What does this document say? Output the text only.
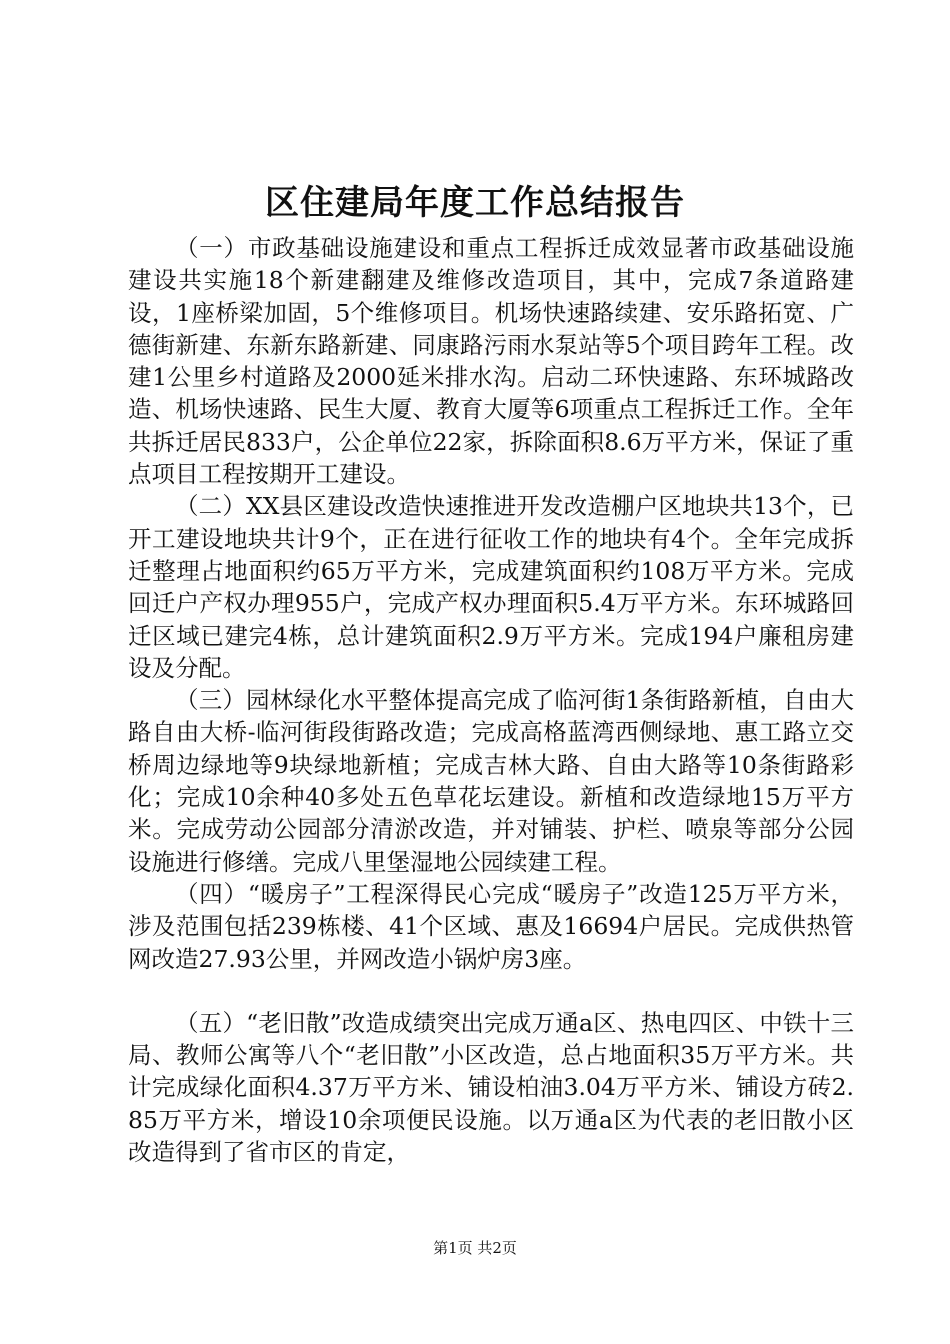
区住建局年度工作总结报告

（一）市政基础设施建设和重点工程拆迁成效显著市政基础设施建设共实施18个新建翻建及维修改造项目，其中，完成7条道路建设，1座桥梁加固，5个维修项目。机场快速路续建、安乐路拓宽、广德街新建、东新东路新建、同康路污雨水泵站等5个项目跨年工程。改建1公里乡村道路及2000延米排水沟。启动二环快速路、东环城路改造、机场快速路、民生大厦、教育大厦等6项重点工程拆迁工作。全年共拆迁居民833户，公企单位22家，拆除面积8.6万平方米，保证了重点项目工程按期开工建设。

（二）XX县区建设改造快速推进开发改造棚户区地块共13个，已开工建设地块共计9个，正在进行征收工作的地块有4个。全年完成拆迁整理占地面积约65万平方米，完成建筑面积约108万平方米。完成回迁户产权办理955户，完成产权办理面积5.4万平方米。东环城路回迁区域已建完4栋，总计建筑面积2.9万平方米。完成194户廉租房建设及分配。

（三）园林绿化水平整体提高完成了临河街1条街路新植，自由大路自由大桥-临河街段街路改造；完成高格蓝湾西侧绿地、惠工路立交桥周边绿地等9块绿地新植；完成吉林大路、自由大路等10条街路彩化；完成10余种40多处五色草花坛建设。新植和改造绿地15万平方米。完成劳动公园部分清淤改造，并对铺装、护栏、喷泉等部分公园设施进行修缮。完成八里堡湿地公园续建工程。

（四）“暖房子”工程深得民心完成“暖房子”改造125万平方米，涉及范围包括239栋楼、41个区域、惠及16694户居民。完成供热管网改造27.93公里，并网改造小锅炉房3座。

（五）“老旧散”改造成绩突出完成万通a区、热电四区、中铁十三局、教师公寓等八个“老旧散”小区改造，总占地面积35万平方米。共计完成绿化面积4.37万平方米、铺设柏油3.04万平方米、铺设方砖2.85万平方米，增设10余项便民设施。以万通a区为代表的老旧散小区改造得到了省市区的肯定，

第1页 共2页
